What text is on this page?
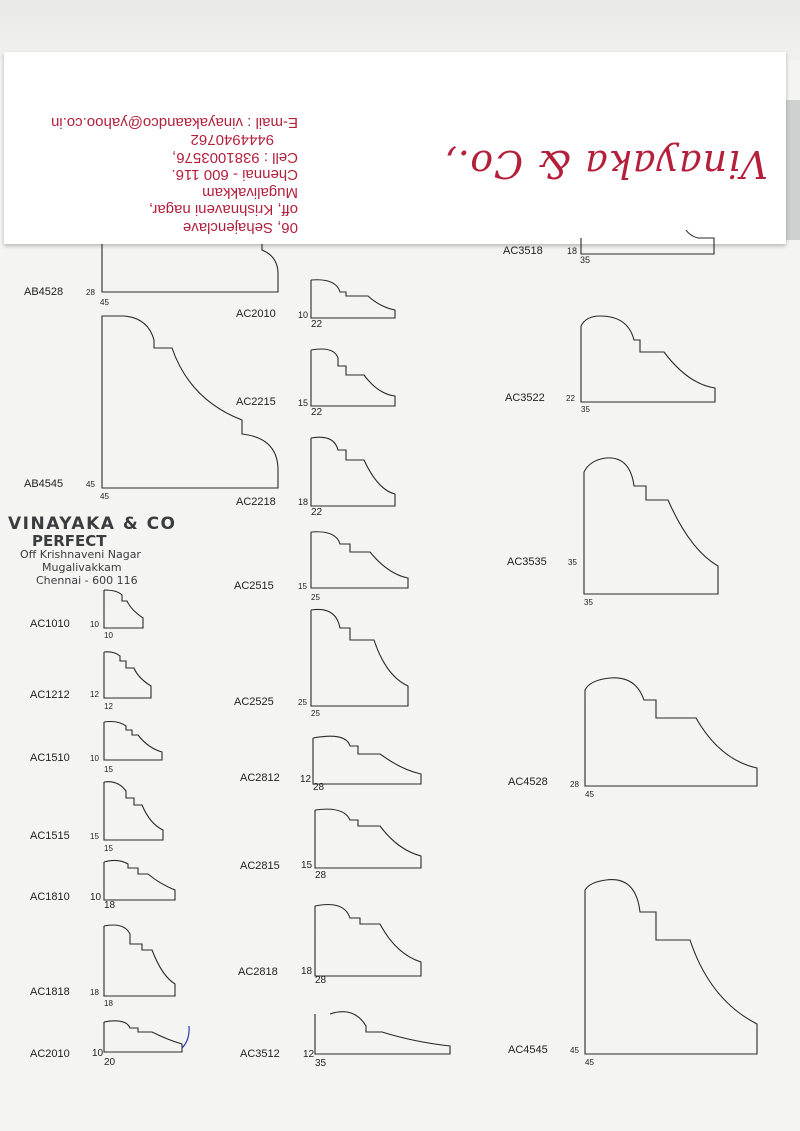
06, Sehajenclave
off, Krishnaveni nagar,
Mugalivakkam
Chennai - 600 116.
Cell : 9381003576,
9444940762
E-mail : vinayakaandco@yahoo.co.in
Vinayaka & Co.,
AB4528	28
45
AB4545	45
45
AC1010	10
10
AC1212	12
12
AC1510	10
15
AC1515	15
15
AC1810 10
18
AC1818	18
18
AC2010 10
20
AC2010 10
22
AC2215 15
22
AC2218 18
22
AC2515	15
25
AC2525	25
25
AC2812 12
28
AC2815 15
28
AC2818 18
28
AC3512 12
35
AC3518	18
35
AC3522	22
35
AC3535	35
35
AC4528	28
45
AC4545	45
45
VINAYAKA & CO
PERFECT
Off Krishnaveni Nagar
Mugalivakkam
Chennai - 600 116
